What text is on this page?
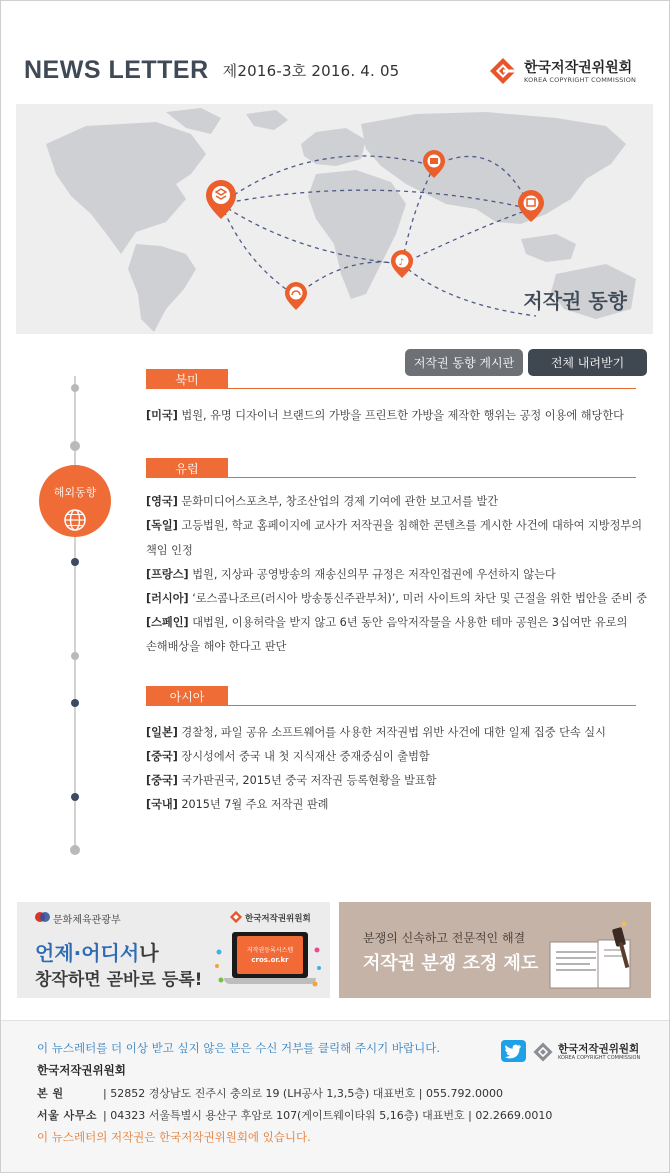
NEWS LETTER 제2016-3호 2016. 4. 05	한국저작권위원회
KOREA COPYRIGHT COMMISSION
♪
저작권 동향
저작권 동향 게시판	전체 내려받기
해외동향
북미
[미국] 법원, 유명 디자이너 브랜드의 가방을 프린트한 가방을 제작한 행위는 공정 이용에 해당한다
유럽
[영국] 문화미디어스포츠부, 창조산업의 경제 기여에 관한 보고서를 발간
[독일] 고등법원, 학교 홈페이지에 교사가 저작권을 침해한 콘텐츠를 게시한 사건에 대하여 지방정부의
책임 인정
[프랑스] 법원, 지상파 공영방송의 재송신의무 규정은 저작인접권에 우선하지 않는다
[러시아] ‘로스콤나조르(러시아 방송통신주관부처)’, 미러 사이트의 차단 및 근절을 위한 법안을 준비 중
[스페인] 대법원, 이용허락을 받지 않고 6년 동안 음악저작물을 사용한 테마 공원은 3십여만 유로의
손해배상을 해야 한다고 판단
아시아
[일본] 경찰청, 파일 공유 소프트웨어를 사용한 저작권법 위반 사건에 대한 일제 집중 단속 실시
[중국] 장시성에서 중국 내 첫 지식재산 중재중심이 출범함
[중국] 국가판권국, 2015년 중국 저작권 등록현황을 발표함
[국내] 2015년 7월 주요 저작권 판례
문화체육관광부	한국저작권위원회
언제·어디서나
창작하면 곧바로 등록!
저작권등록시스템
cros.or.kr
분쟁의 신속하고 전문적인 해결
저작권 분쟁 조정 제도
이 뉴스레터를 더 이상 받고 싶지 않은 분은 수신 거부를 클릭해 주시기 바랍니다.	한국저작권위원회
KOREA COPYRIGHT COMMISSION
한국저작권위원회
본 원	| 52852 경상남도 진주시 충의로 19 (LH공사 1,3,5층) 대표번호 | 055.792.0000
서울 사무소 | 04323 서울특별시 용산구 후암로 107(게이트웨이타워 5,16층) 대표번호 | 02.2669.0010
이 뉴스레터의 저작권은 한국저작권위원회에 있습니다.
